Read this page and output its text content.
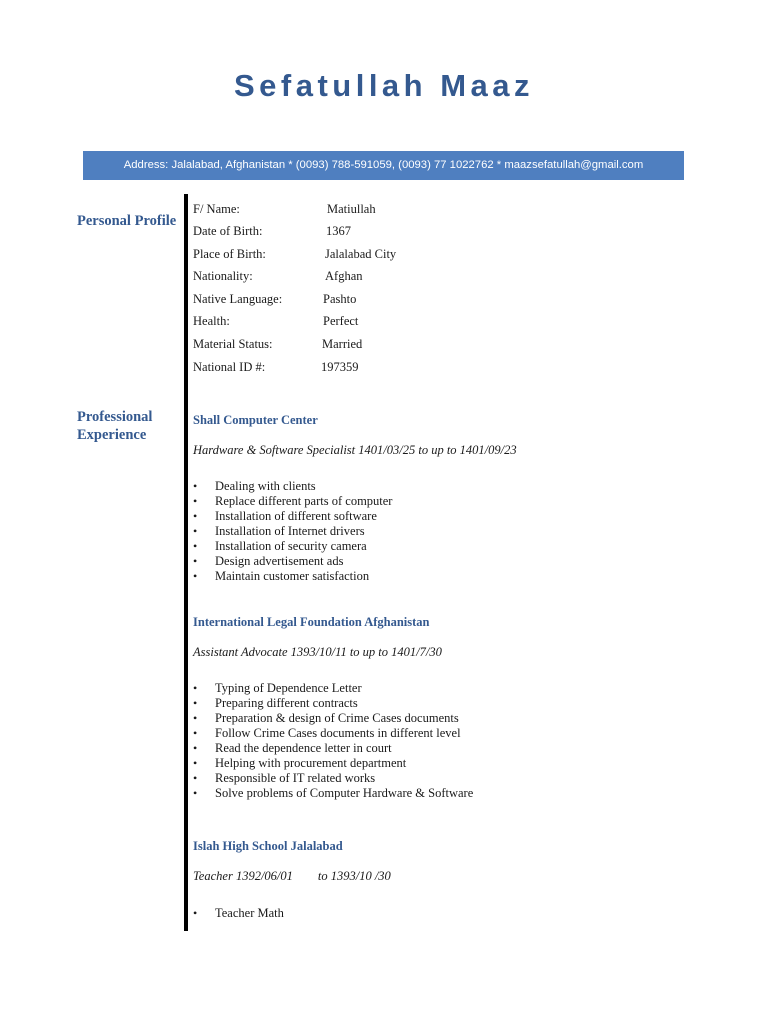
Sefatullah Maaz
Address: Jalalabad, Afghanistan * (0093) 788-591059, (0093) 77 1022762 * maazsefatullah@gmail.com
Personal Profile
Professional Experience
F/ Name:	Matiullah
Date of Birth:	1367
Place of Birth:	Jalalabad City
Nationality:	Afghan
Native Language:	Pashto
Health:	Perfect
Material Status:	Married
National ID #:	197359
Shall Computer Center
Hardware & Software Specialist 1401/03/25 to up to 1401/09/23
• Dealing with clients
• Replace different parts of computer
• Installation of different software
• Installation of Internet drivers
• Installation of security camera
• Design advertisement ads
• Maintain customer satisfaction
International Legal Foundation Afghanistan
Assistant Advocate 1393/10/11 to up to 1401/7/30
• Typing of Dependence Letter
• Preparing different contracts
• Preparation & design of Crime Cases documents
• Follow Crime Cases documents in different level
• Read the dependence letter in court
• Helping with procurement department
• Responsible of IT related works
• Solve problems of Computer Hardware & Software
Islah High School Jalalabad
Teacher 1392/06/01        to 1393/10 /30
• Teacher Math
